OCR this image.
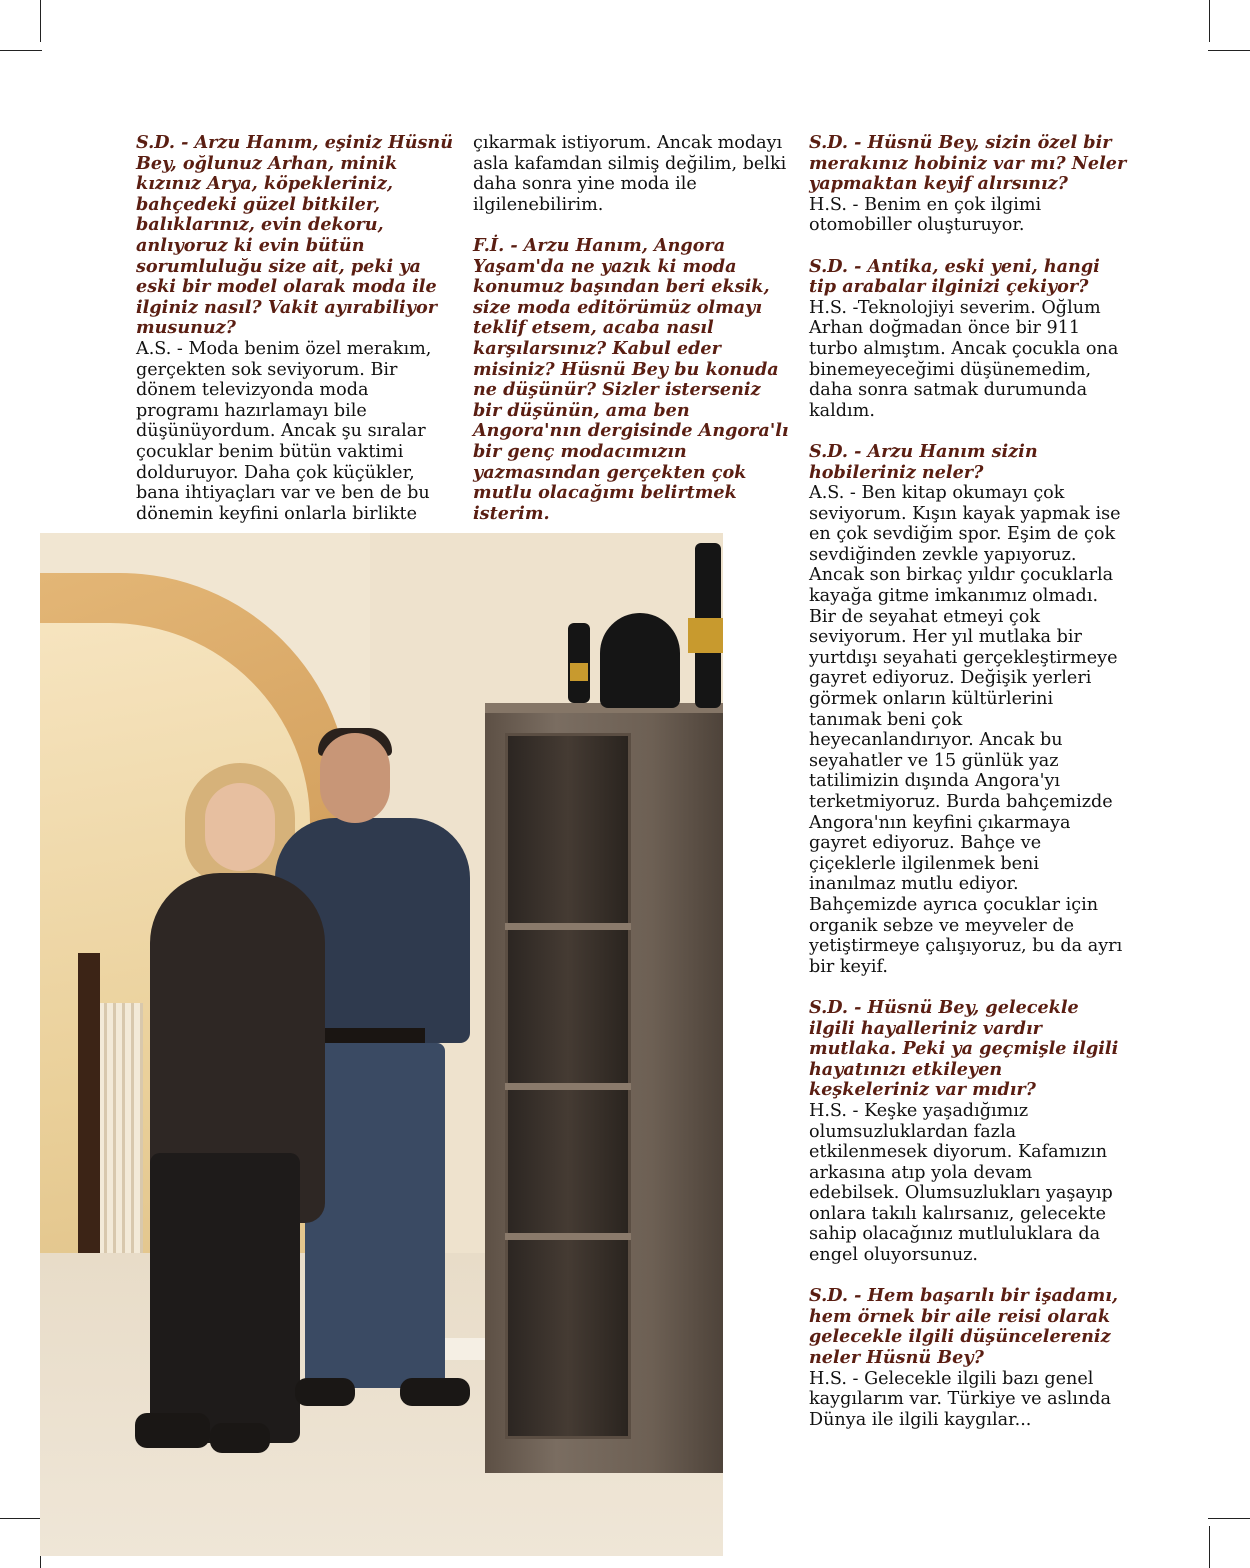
S.D. - Arzu Hanım, eşiniz Hüsnü Bey, oğlunuz Arhan, minik kızınız Arya, köpekleriniz, bahçedeki güzel bitkiler, balıklarınız, evin dekoru, anlıyoruz ki evin bütün sorumluluğu size ait, peki ya eski bir model olarak moda ile ilginiz nasıl? Vakit ayırabiliyor musunuz?
A.S. - Moda benim özel merakım, gerçekten sok seviyorum. Bir dönem televizyonda moda programı hazırlamayı bile düşünüyordum. Ancak şu sıralar çocuklar benim bütün vaktimi dolduruyor. Daha çok küçükler, bana ihtiyaçları var ve ben de bu dönemin keyfini onlarla birlikte

çıkarmak istiyorum. Ancak modayı asla kafamdan silmiş değilim, belki daha sonra yine moda ile ilgilenebilirim.

F.İ. - Arzu Hanım, Angora Yaşam'da ne yazık ki moda konumuz başından beri eksik, size moda editörümüz olmayı teklif etsem, acaba nasıl karşılarsınız? Kabul eder misiniz? Hüsnü Bey bu konuda ne düşünür? Sizler isterseniz bir düşünün, ama ben Angora'nın dergisinde Angora'lı bir genç modacımızın yazmasından gerçekten çok mutlu olacağımı belirtmek isterim.

S.D. - Hüsnü Bey, sizin özel bir merakınız hobiniz var mı? Neler yapmaktan keyif alırsınız?
H.S. - Benim en çok ilgimi otomobiller oluşturuyor.

S.D. - Antika, eski yeni, hangi tip arabalar ilginizi çekiyor?
H.S. -Teknolojiyi severim. Oğlum Arhan doğmadan önce bir 911 turbo almıştım. Ancak çocukla ona binemeyeceğimi düşünemedim, daha sonra satmak durumunda kaldım.

S.D. - Arzu Hanım sizin hobileriniz neler?
A.S. - Ben kitap okumayı çok seviyorum. Kışın kayak yapmak ise en çok sevdiğim spor. Eşim de çok sevdiğinden zevkle yapıyoruz. Ancak son birkaç yıldır çocuklarla kayağa gitme imkanımız olmadı. Bir de seyahat etmeyi çok seviyorum. Her yıl mutlaka bir yurtdışı seyahati gerçekleştirmeye gayret ediyoruz. Değişik yerleri görmek onların kültürlerini tanımak beni çok heyecanlandırıyor. Ancak bu seyahatler ve 15 günlük yaz tatilimizin dışında Angora'yı terketmiyoruz. Burda bahçemizde Angora'nın keyfini çıkarmaya gayret ediyoruz. Bahçe ve çiçeklerle ilgilenmek beni inanılmaz mutlu ediyor. Bahçemizde ayrıca çocuklar için organik sebze ve meyveler de yetiştirmeye çalışıyoruz, bu da ayrı bir keyif.

S.D. - Hüsnü Bey, gelecekle ilgili hayalleriniz vardır mutlaka. Peki ya geçmişle ilgili hayatınızı etkileyen keşkeleriniz var mıdır?
H.S. - Keşke yaşadığımız olumsuzluklardan fazla etkilenmesek diyorum. Kafamızın arkasına atıp yola devam edebilsek. Olumsuzlukları yaşayıp onlara takılı kalırsanız, gelecekte sahip olacağınız mutluluklara da engel oluyorsunuz.

S.D. - Hem başarılı bir işadamı, hem örnek bir aile reisi olarak gelecekle ilgili düşüncelereniz neler Hüsnü Bey?
H.S. - Gelecekle ilgili bazı genel kaygılarım var. Türkiye ve aslında Dünya ile ilgili kaygılar...
